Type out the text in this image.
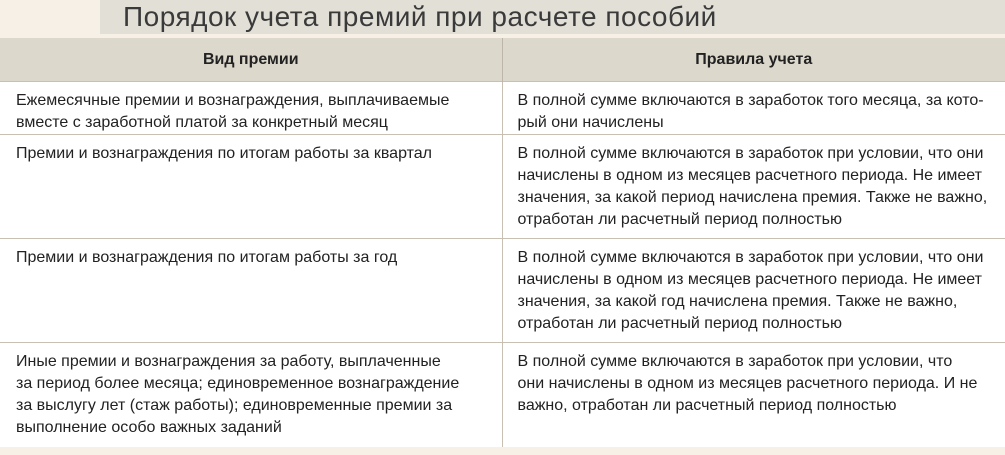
Порядок учета премий при расчете пособий
Вид премии	Правила учета

Ежемесячные премии и вознаграждения, выплачиваемые
вместе с заработной платой за конкретный месяц	В полной сумме включаются в заработок того месяца, за кото-
рый они начислены

Премии и вознаграждения по итогам работы за квартал	В полной сумме включаются в заработок при условии, что они
начислены в одном из месяцев расчетного периода. Не имеет
значения, за какой период начислена премия. Также не важно,
отработан ли расчетный период полностью

Премии и вознаграждения по итогам работы за год	В полной сумме включаются в заработок при условии, что они
начислены в одном из месяцев расчетного периода. Не имеет
значения, за какой год начислена премия. Также не важно,
отработан ли расчетный период полностью

Иные премии и вознаграждения за работу, выплаченные
за период более месяца; единовременное вознаграждение
за выслугу лет (стаж работы); единовременные премии за
выполнение особо важных заданий	В полной сумме включаются в заработок при условии, что
они начислены в одном из месяцев расчетного периода. И не
важно, отработан ли расчетный период полностью
